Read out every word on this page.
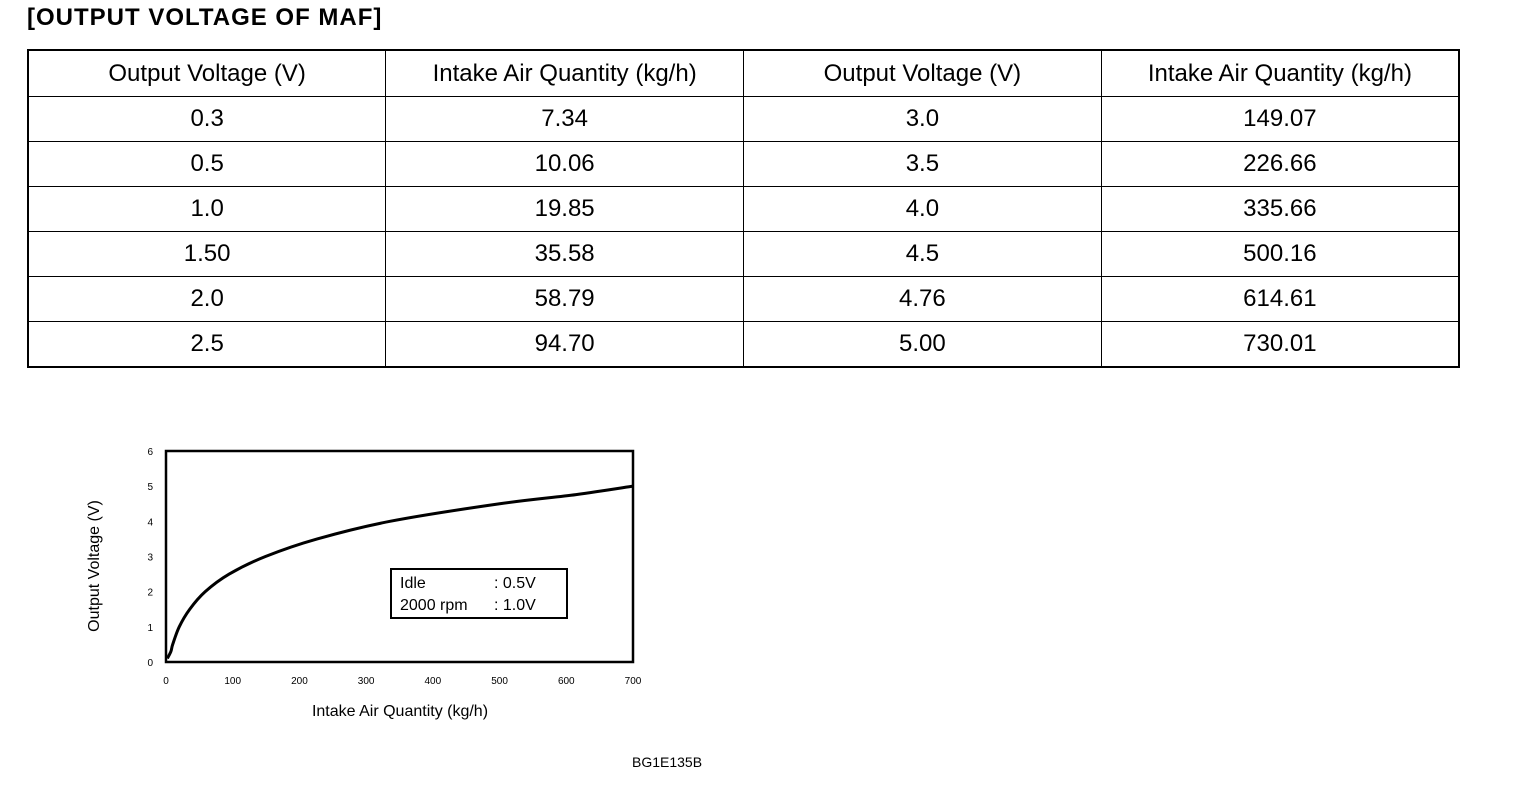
[OUTPUT VOLTAGE OF MAF]
Output Voltage (V)	Intake Air Quantity (kg/h)	Output Voltage (V)	Intake Air Quantity (kg/h)
0.3	7.34	3.0	149.07
0.5	10.06	3.5	226.66
1.0	19.85	4.0	335.66
1.50	35.58	4.5	500.16
2.0	58.79	4.76	614.61
2.5	94.70	5.00	730.01
0
1
2
3
4
5
6
0	100	200	300	400	500	600	700
Output Voltage (V)
Intake Air Quantity (kg/h)
Idle	: 0.5V
2000 rpm : 1.0V
BG1E135B
